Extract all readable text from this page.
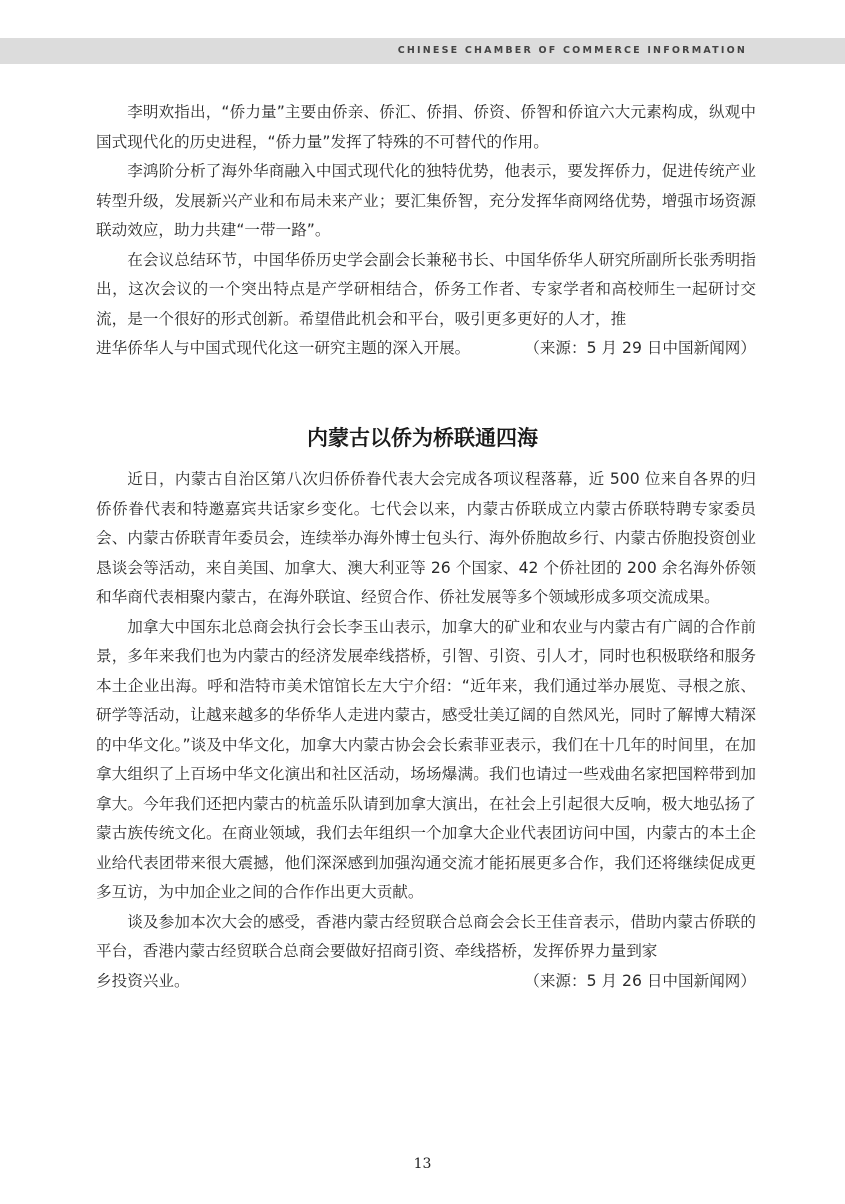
CHINESE CHAMBER OF COMMERCE INFORMATION

李明欢指出，“侨力量”主要由侨亲、侨汇、侨捐、侨资、侨智和侨谊六大元素构成，纵观中国式现代化的历史进程，“侨力量”发挥了特殊的不可替代的作用。

李鸿阶分析了海外华商融入中国式现代化的独特优势，他表示，要发挥侨力，促进传统产业转型升级，发展新兴产业和布局未来产业；要汇集侨智，充分发挥华商网络优势，增强市场资源联动效应，助力共建“一带一路”。

在会议总结环节，中国华侨历史学会副会长兼秘书长、中国华侨华人研究所副所长张秀明指出，这次会议的一个突出特点是产学研相结合，侨务工作者、专家学者和高校师生一起研讨交流，是一个很好的形式创新。希望借此机会和平台，吸引更多更好的人才，推

进华侨华人与中国式现代化这一研究主题的深入开展。	（来源：5 月 29 日中国新闻网）
内蒙古以侨为桥联通四海

近日，内蒙古自治区第八次归侨侨眷代表大会完成各项议程落幕，近 500 位来自各界的归侨侨眷代表和特邀嘉宾共话家乡变化。七代会以来，内蒙古侨联成立内蒙古侨联特聘专家委员会、内蒙古侨联青年委员会，连续举办海外博士包头行、海外侨胞故乡行、内蒙古侨胞投资创业恳谈会等活动，来自美国、加拿大、澳大利亚等 26 个国家、42 个侨社团的 200 余名海外侨领和华商代表相聚内蒙古，在海外联谊、经贸合作、侨社发展等多个领域形成多项交流成果。

加拿大中国东北总商会执行会长李玉山表示，加拿大的矿业和农业与内蒙古有广阔的合作前景，多年来我们也为内蒙古的经济发展牵线搭桥，引智、引资、引人才，同时也积极联络和服务本土企业出海。呼和浩特市美术馆馆长左大宁介绍：“近年来，我们通过举办展览、寻根之旅、研学等活动，让越来越多的华侨华人走进内蒙古，感受壮美辽阔的自然风光，同时了解博大精深的中华文化。”谈及中华文化，加拿大内蒙古协会会长索菲亚表示，我们在十几年的时间里，在加拿大组织了上百场中华文化演出和社区活动，场场爆满。我们也请过一些戏曲名家把国粹带到加拿大。今年我们还把内蒙古的杭盖乐队请到加拿大演出，在社会上引起很大反响，极大地弘扬了蒙古族传统文化。在商业领域，我们去年组织一个加拿大企业代表团访问中国，内蒙古的本土企业给代表团带来很大震撼，他们深深感到加强沟通交流才能拓展更多合作，我们还将继续促成更多互访，为中加企业之间的合作作出更大贡献。

谈及参加本次大会的感受，香港内蒙古经贸联合总商会会长王佳音表示，借助内蒙古侨联的平台，香港内蒙古经贸联合总商会要做好招商引资、牵线搭桥，发挥侨界力量到家

乡投资兴业。	（来源：5 月 26 日中国新闻网）
13
